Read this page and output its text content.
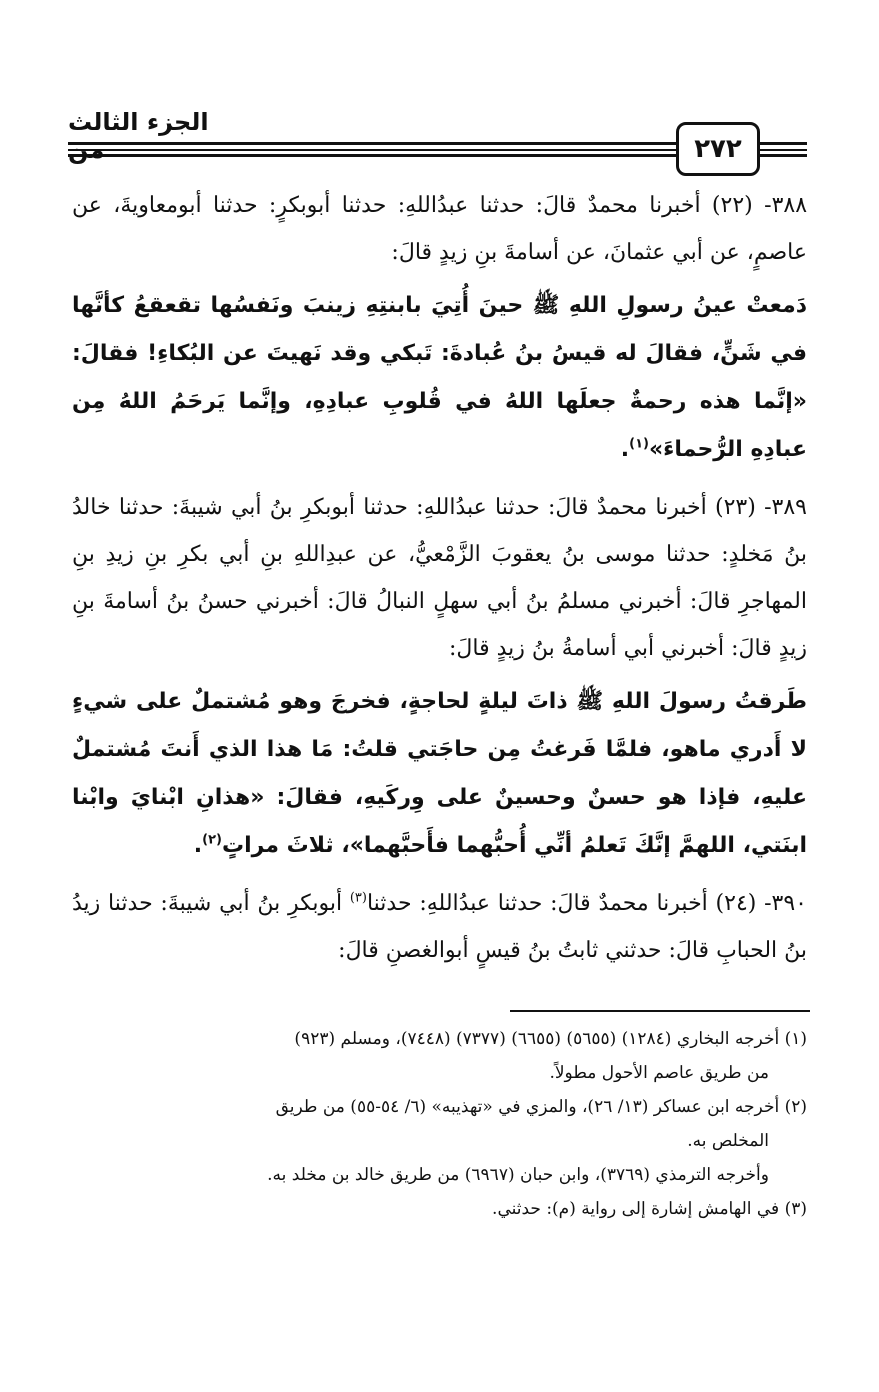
الجزء الثالث
٢٧٢

٣٨٨- (٢٢) أخبرنا محمدٌ قالَ: حدثنا عبدُاللهِ: حدثنا أبوبكرٍ: حدثنا أبومعاويةَ، عن عاصمٍ، عن أبي عثمانَ، عن أسامةَ بنِ زيدٍ قالَ:

دَمعتْ عينُ رسولِ اللهِ ﷺ حينَ أُتِيَ بابنتِهِ زينبَ ونَفسُها تقعقعُ كأنَّها في شَنٍّ، فقالَ له قيسُ بنُ عُبادةَ: تَبكي وقد نَهيتَ عن البُكاءِ! فقالَ: «إنَّما هذه رحمةٌ جعلَها اللهُ في قُلوبِ عبادِهِ، وإنَّما يَرحَمُ اللهُ مِن عبادِهِ الرُّحماءَ»$^{(١)}$.

٣٨٩- (٢٣) أخبرنا محمدٌ قالَ: حدثنا عبدُاللهِ: حدثنا أبوبكرِ بنُ أبي شيبةَ: حدثنا خالدُ بنُ مَخلدٍ: حدثنا موسى بنُ يعقوبَ الزَّمْعيُّ، عن عبدِاللهِ بنِ أبي بكرِ بنِ زيدِ بنِ المهاجرِ قالَ: أخبرني مسلمُ بنُ أبي سهلٍ النبالُ قالَ: أخبرني حسنُ بنُ أسامةَ بنِ زيدٍ قالَ: أخبرني أبي أسامةُ بنُ زيدٍ قالَ:

طَرقتُ رسولَ اللهِ ﷺ ذاتَ ليلةٍ لحاجةٍ، فخرجَ وهو مُشتملٌ على شيءٍ لا أَدري ماهو، فلمَّا فَرغتُ مِن حاجَتي قلتُ: مَا هذا الذي أَنتَ مُشتملٌ عليهِ، فإذا هو حسنٌ وحسينٌ على وِركَيهِ، فقالَ: «هذانِ ابْنايَ وابْنا ابنَتي، اللهمَّ إنَّكَ تَعلمُ أنِّي أُحبُّهما فأَحبَّهما»، ثلاثَ مراتٍ$^{(٢)}$.

٣٩٠- (٢٤) أخبرنا محمدٌ قالَ: حدثنا عبدُاللهِ: حدثنا$^{(٣)}$ أبوبكرِ بنُ أبي شيبةَ: حدثنا زيدُ بنُ الحبابِ قالَ: حدثني ثابتُ بنُ قيسٍ أبوالغصنِ قالَ:

(١) أخرجه البخاري (١٢٨٤) (٥٦٥٥) (٦٦٥٥) (٧٣٧٧) (٧٤٤٨)، ومسلم (٩٢٣)

من طريق عاصم الأحول مطولاً.

(٢) أخرجه ابن عساكر (١٣/ ٢٦)، والمزي في «تهذيبه» (٦/ ٥٤-٥٥) من طريق

المخلص به.

وأخرجه الترمذي (٣٧٦٩)، وابن حبان (٦٩٦٧) من طريق خالد بن مخلد به.

(٣) في الهامش إشارة إلى رواية (م): حدثني.
